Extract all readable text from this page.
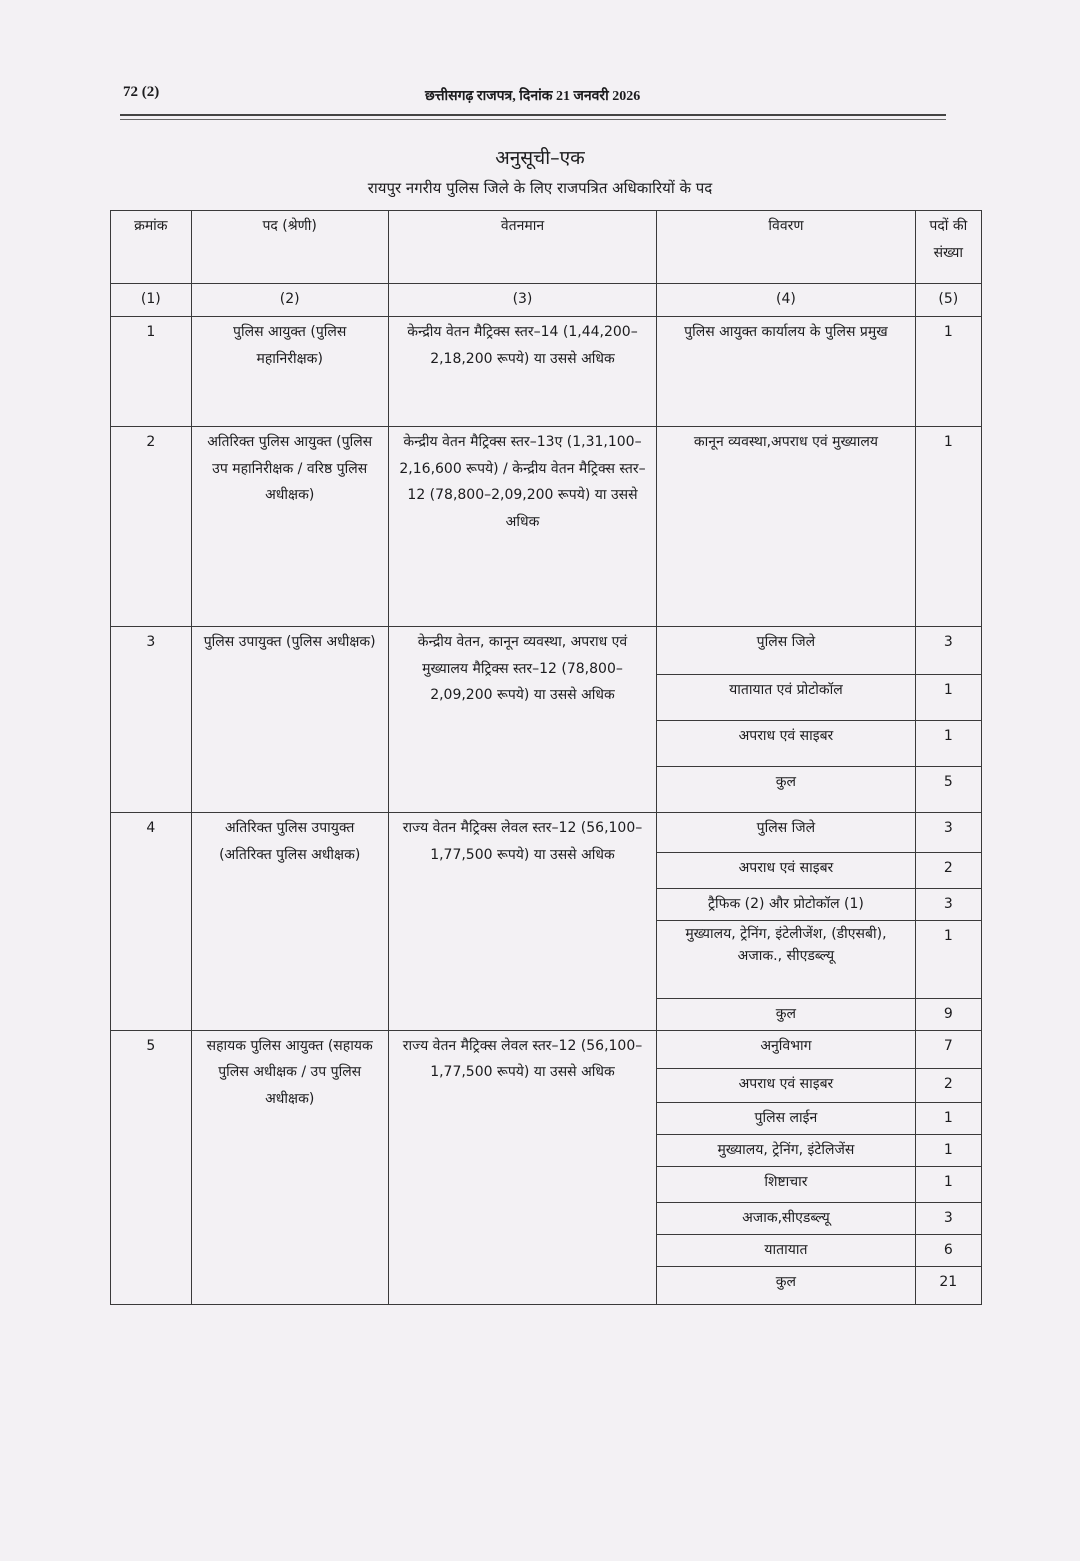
72 (2)	छत्तीसगढ़ राजपत्र, दिनांक 21 जनवरी 2026
अनुसूची–एक
रायपुर नगरीय पुलिस जिले के लिए राजपत्रित अधिकारियों के पद
क्रमांक	पद (श्रेणी)	वेतनमान	विवरण	पदों की संख्या
(1)	(2)	(3)	(4)	(5)
1	पुलिस आयुक्त (पुलिस महानिरीक्षक)	केन्द्रीय वेतन मैट्रिक्स स्तर–14 (1,44,200–2,18,200 रूपये) या उससे अधिक	पुलिस आयुक्त कार्यालय के पुलिस प्रमुख	1
2	अतिरिक्त पुलिस आयुक्त (पुलिस उप महानिरीक्षक / वरिष्ठ पुलिस अधीक्षक)	केन्द्रीय वेतन मैट्रिक्स स्तर–13ए (1,31,100–2,16,600 रूपये) / केन्द्रीय वेतन मैट्रिक्स स्तर–12 (78,800–2,09,200 रूपये) या उससे अधिक	कानून व्यवस्था,अपराध एवं मुख्यालय	1
3	पुलिस उपायुक्त (पुलिस अधीक्षक)	केन्द्रीय वेतन, कानून व्यवस्था, अपराध एवं मुख्यालय मैट्रिक्स स्तर–12 (78,800–2,09,200 रूपये) या उससे अधिक	पुलिस जिले	3
			यातायात एवं प्रोटोकॉल	1
			अपराध एवं साइबर	1
			कुल	5
4	अतिरिक्त पुलिस उपायुक्त (अतिरिक्त पुलिस अधीक्षक)	राज्य वेतन मैट्रिक्स लेवल स्तर–12 (56,100–1,77,500 रूपये) या उससे अधिक	पुलिस जिले	3
			अपराध एवं साइबर	2
			ट्रैफिक (2) और प्रोटोकॉल (1)	3
			मुख्यालय, ट्रेनिंग, इंटेलीजेंश, (डीएसबी), अजाक., सीएडब्ल्यू	1
			कुल	9
5	सहायक पुलिस आयुक्त (सहायक पुलिस अधीक्षक / उप पुलिस अधीक्षक)	राज्य वेतन मैट्रिक्स लेवल स्तर–12 (56,100–1,77,500 रूपये) या उससे अधिक	अनुविभाग	7
			अपराध एवं साइबर	2
			पुलिस लाईन	1
			मुख्यालय, ट्रेनिंग, इंटेलिजेंस	1
			शिष्टाचार	1
			अजाक,सीएडब्ल्यू	3
			यातायात	6
			कुल	21
